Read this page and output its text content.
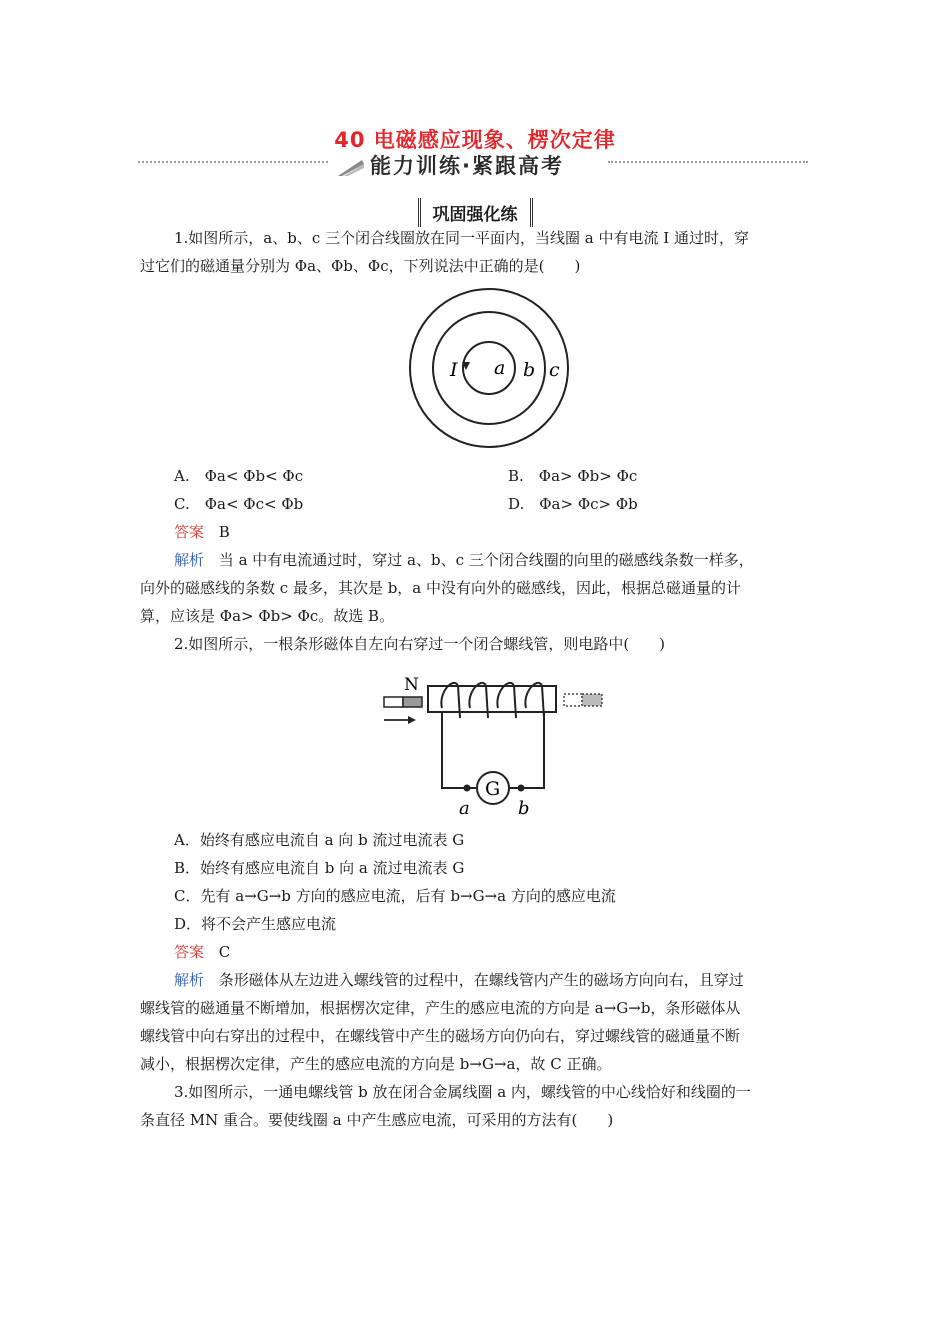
40 电磁感应现象、楞次定律
能力训练·紧跟高考
巩固强化练
1.如图所示，a、b、c 三个闭合线圈放在同一平面内，当线圈 a 中有电流 I 通过时，穿
过它们的磁通量分别为 Φa、Φb、Φc，下列说法中正确的是(　　)
I a b c
A.　Φa< Φb< Φc	B.　Φa> Φb> Φc
C.　Φa< Φc< Φb	D.　Φa> Φc> Φb
答案 B
解析 当 a 中有电流通过时，穿过 a、b、c 三个闭合线圈的向里的磁感线条数一样多，
向外的磁感线的条数 c 最多，其次是 b，a 中没有向外的磁感线，因此，根据总磁通量的计
算，应该是 Φa> Φb> Φc。故选 B。
2.如图所示，一根条形磁体自左向右穿过一个闭合螺线管，则电路中(　　)
N
G
a	b
A．始终有感应电流自 a 向 b 流过电流表 G
B．始终有感应电流自 b 向 a 流过电流表 G
C．先有 a→G→b 方向的感应电流，后有 b→G→a 方向的感应电流
D．将不会产生感应电流
答案 C
解析 条形磁体从左边进入螺线管的过程中，在螺线管内产生的磁场方向向右，且穿过
螺线管的磁通量不断增加，根据楞次定律，产生的感应电流的方向是 a→G→b，条形磁体从
螺线管中向右穿出的过程中，在螺线管中产生的磁场方向仍向右，穿过螺线管的磁通量不断
减小，根据楞次定律，产生的感应电流的方向是 b→G→a，故 C 正确。
3.如图所示，一通电螺线管 b 放在闭合金属线圈 a 内，螺线管的中心线恰好和线圈的一
条直径 MN 重合。要使线圈 a 中产生感应电流，可采用的方法有(　　)
